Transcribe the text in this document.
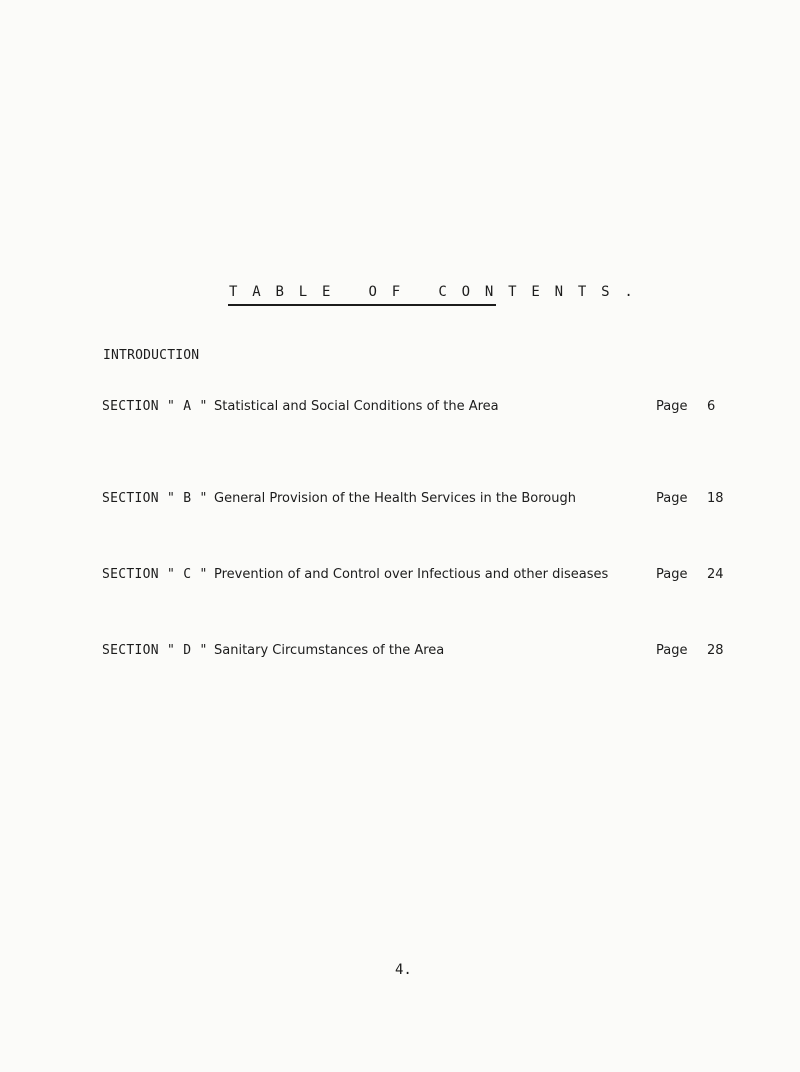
T A B L E   O F   C O N T E N T S .
INTRODUCTION
SECTION " A " Statistical and Social Conditions of the Area	Page 6
SECTION " B " General Provision of the Health Services in the Borough	Page 18
SECTION " C " Prevention of and Control over Infectious and other diseases	Page 24
SECTION " D " Sanitary Circumstances of the Area	Page 28
4.
